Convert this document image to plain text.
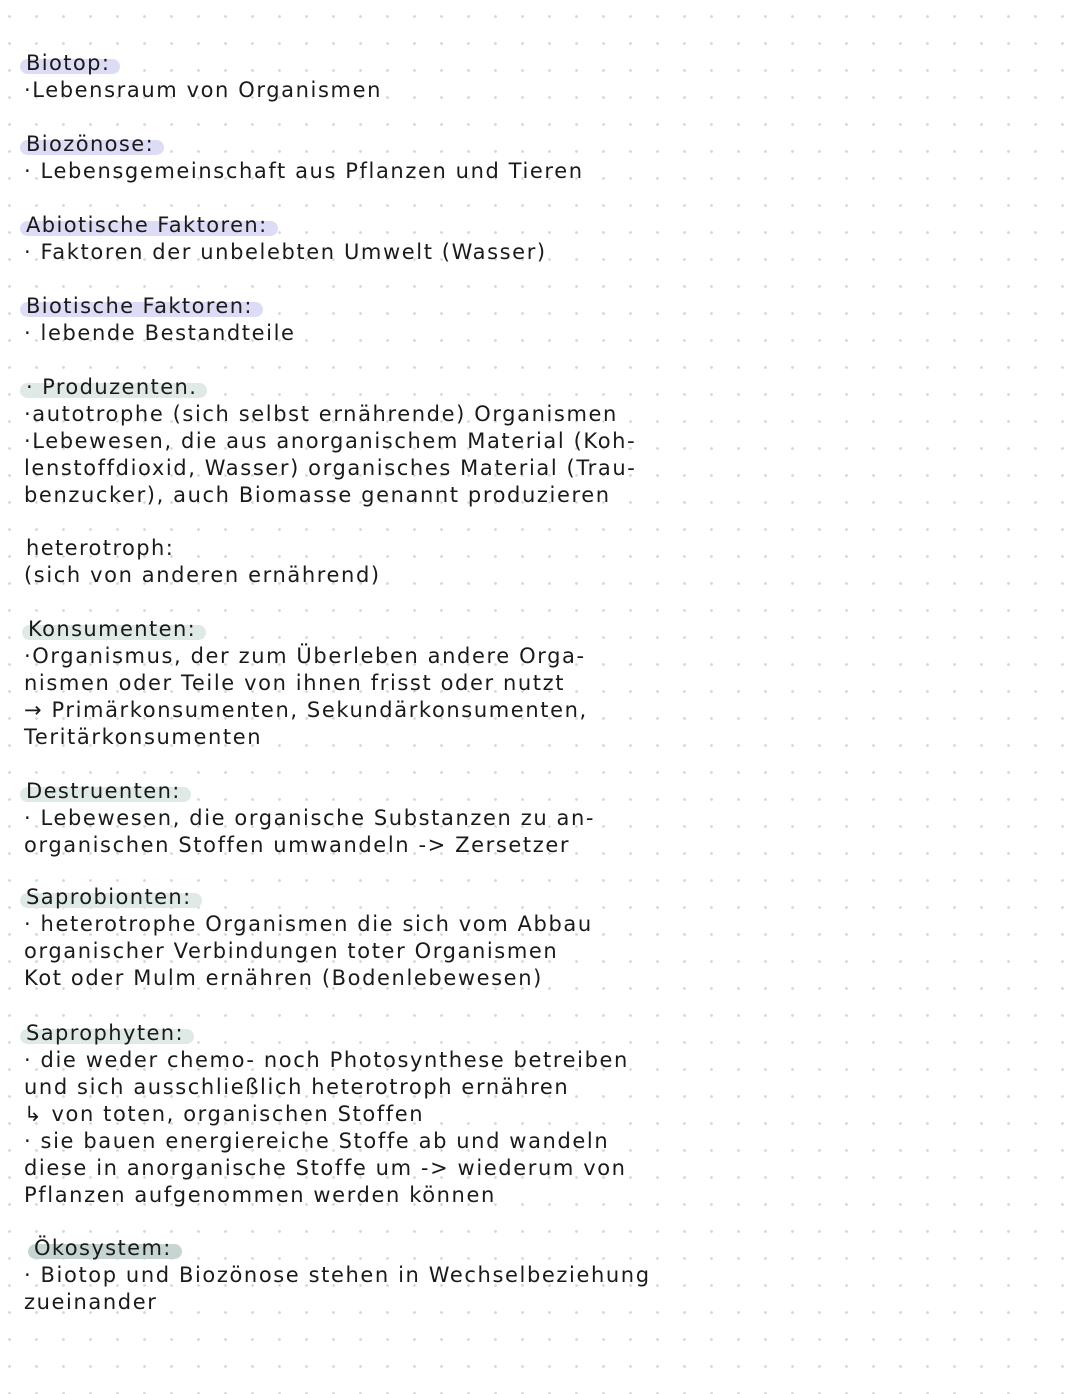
Biotop:
·Lebensraum von Organismen
Biozönose:
· Lebensgemeinschaft aus Pflanzen und Tieren
Abiotische Faktoren:
· Faktoren der unbelebten Umwelt (Wasser)
Biotische Faktoren:
· lebende Bestandteile
· Produzenten.
·autotrophe (sich selbst ernährende) Organismen
·Lebewesen, die aus anorganischem Material (Koh-
lenstoffdioxid, Wasser) organisches Material (Trau-
benzucker), auch Biomasse genannt produzieren
heterotroph:
(sich von anderen ernährend)
Konsumenten:
·Organismus, der zum Überleben andere Orga-
nismen oder Teile von ihnen frisst oder nutzt
→ Primärkonsumenten, Sekundärkonsumenten,
Teritärkonsumenten
Destruenten:
· Lebewesen, die organische Substanzen zu an-
organischen Stoffen umwandeln -> Zersetzer
Saprobionten:
· heterotrophe Organismen die sich vom Abbau
organischer Verbindungen toter Organismen
Kot oder Mulm ernähren (Bodenlebewesen)
Saprophyten:
· die weder chemo- noch Photosynthese betreiben
und sich ausschließlich heterotroph ernähren
↳ von toten, organischen Stoffen
· sie bauen energiereiche Stoffe ab und wandeln
diese in anorganische Stoffe um -> wiederum von
Pflanzen aufgenommen werden können
Ökosystem:
· Biotop und Biozönose stehen in Wechselbeziehung
zueinander
